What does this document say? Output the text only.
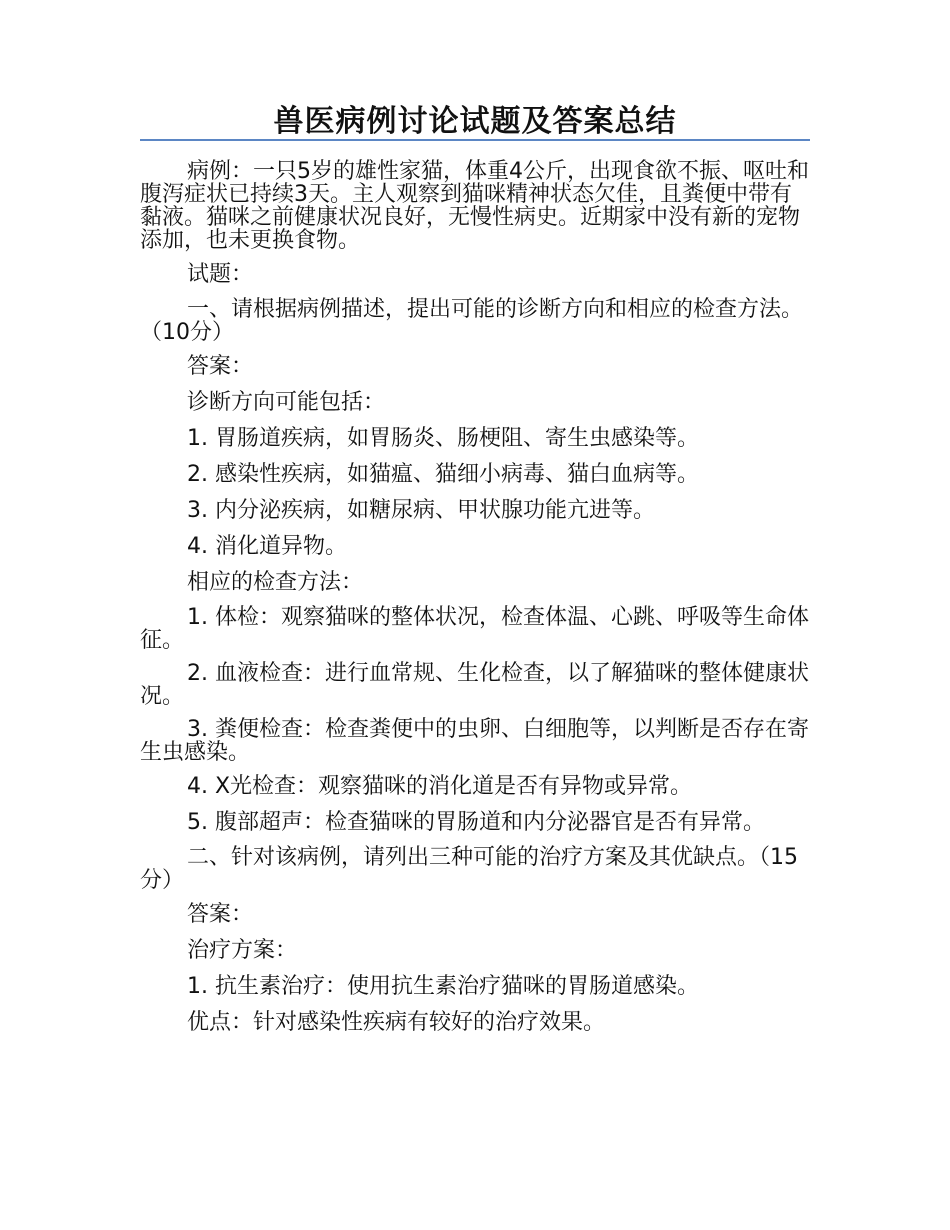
兽医病例讨论试题及答案总结

病例：一只5岁的雄性家猫，体重4公斤，出现食欲不振、呕吐和腹泻症状已持续3天。主人观察到猫咪精神状态欠佳，且粪便中带有黏液。猫咪之前健康状况良好，无慢性病史。近期家中没有新的宠物添加，也未更换食物。

试题：

一、请根据病例描述，提出可能的诊断方向和相应的检查方法。（10分）

答案：

诊断方向可能包括：

1. 胃肠道疾病，如胃肠炎、肠梗阻、寄生虫感染等。

2. 感染性疾病，如猫瘟、猫细小病毒、猫白血病等。

3. 内分泌疾病，如糖尿病、甲状腺功能亢进等。

4. 消化道异物。

相应的检查方法：

1. 体检：观察猫咪的整体状况，检查体温、心跳、呼吸等生命体征。

2. 血液检查：进行血常规、生化检查，以了解猫咪的整体健康状况。

3. 粪便检查：检查粪便中的虫卵、白细胞等，以判断是否存在寄生虫感染。

4. X光检查：观察猫咪的消化道是否有异物或异常。

5. 腹部超声：检查猫咪的胃肠道和内分泌器官是否有异常。

二、针对该病例，请列出三种可能的治疗方案及其优缺点。（15分）

答案：

治疗方案：

1. 抗生素治疗：使用抗生素治疗猫咪的胃肠道感染。

优点：针对感染性疾病有较好的治疗效果。
